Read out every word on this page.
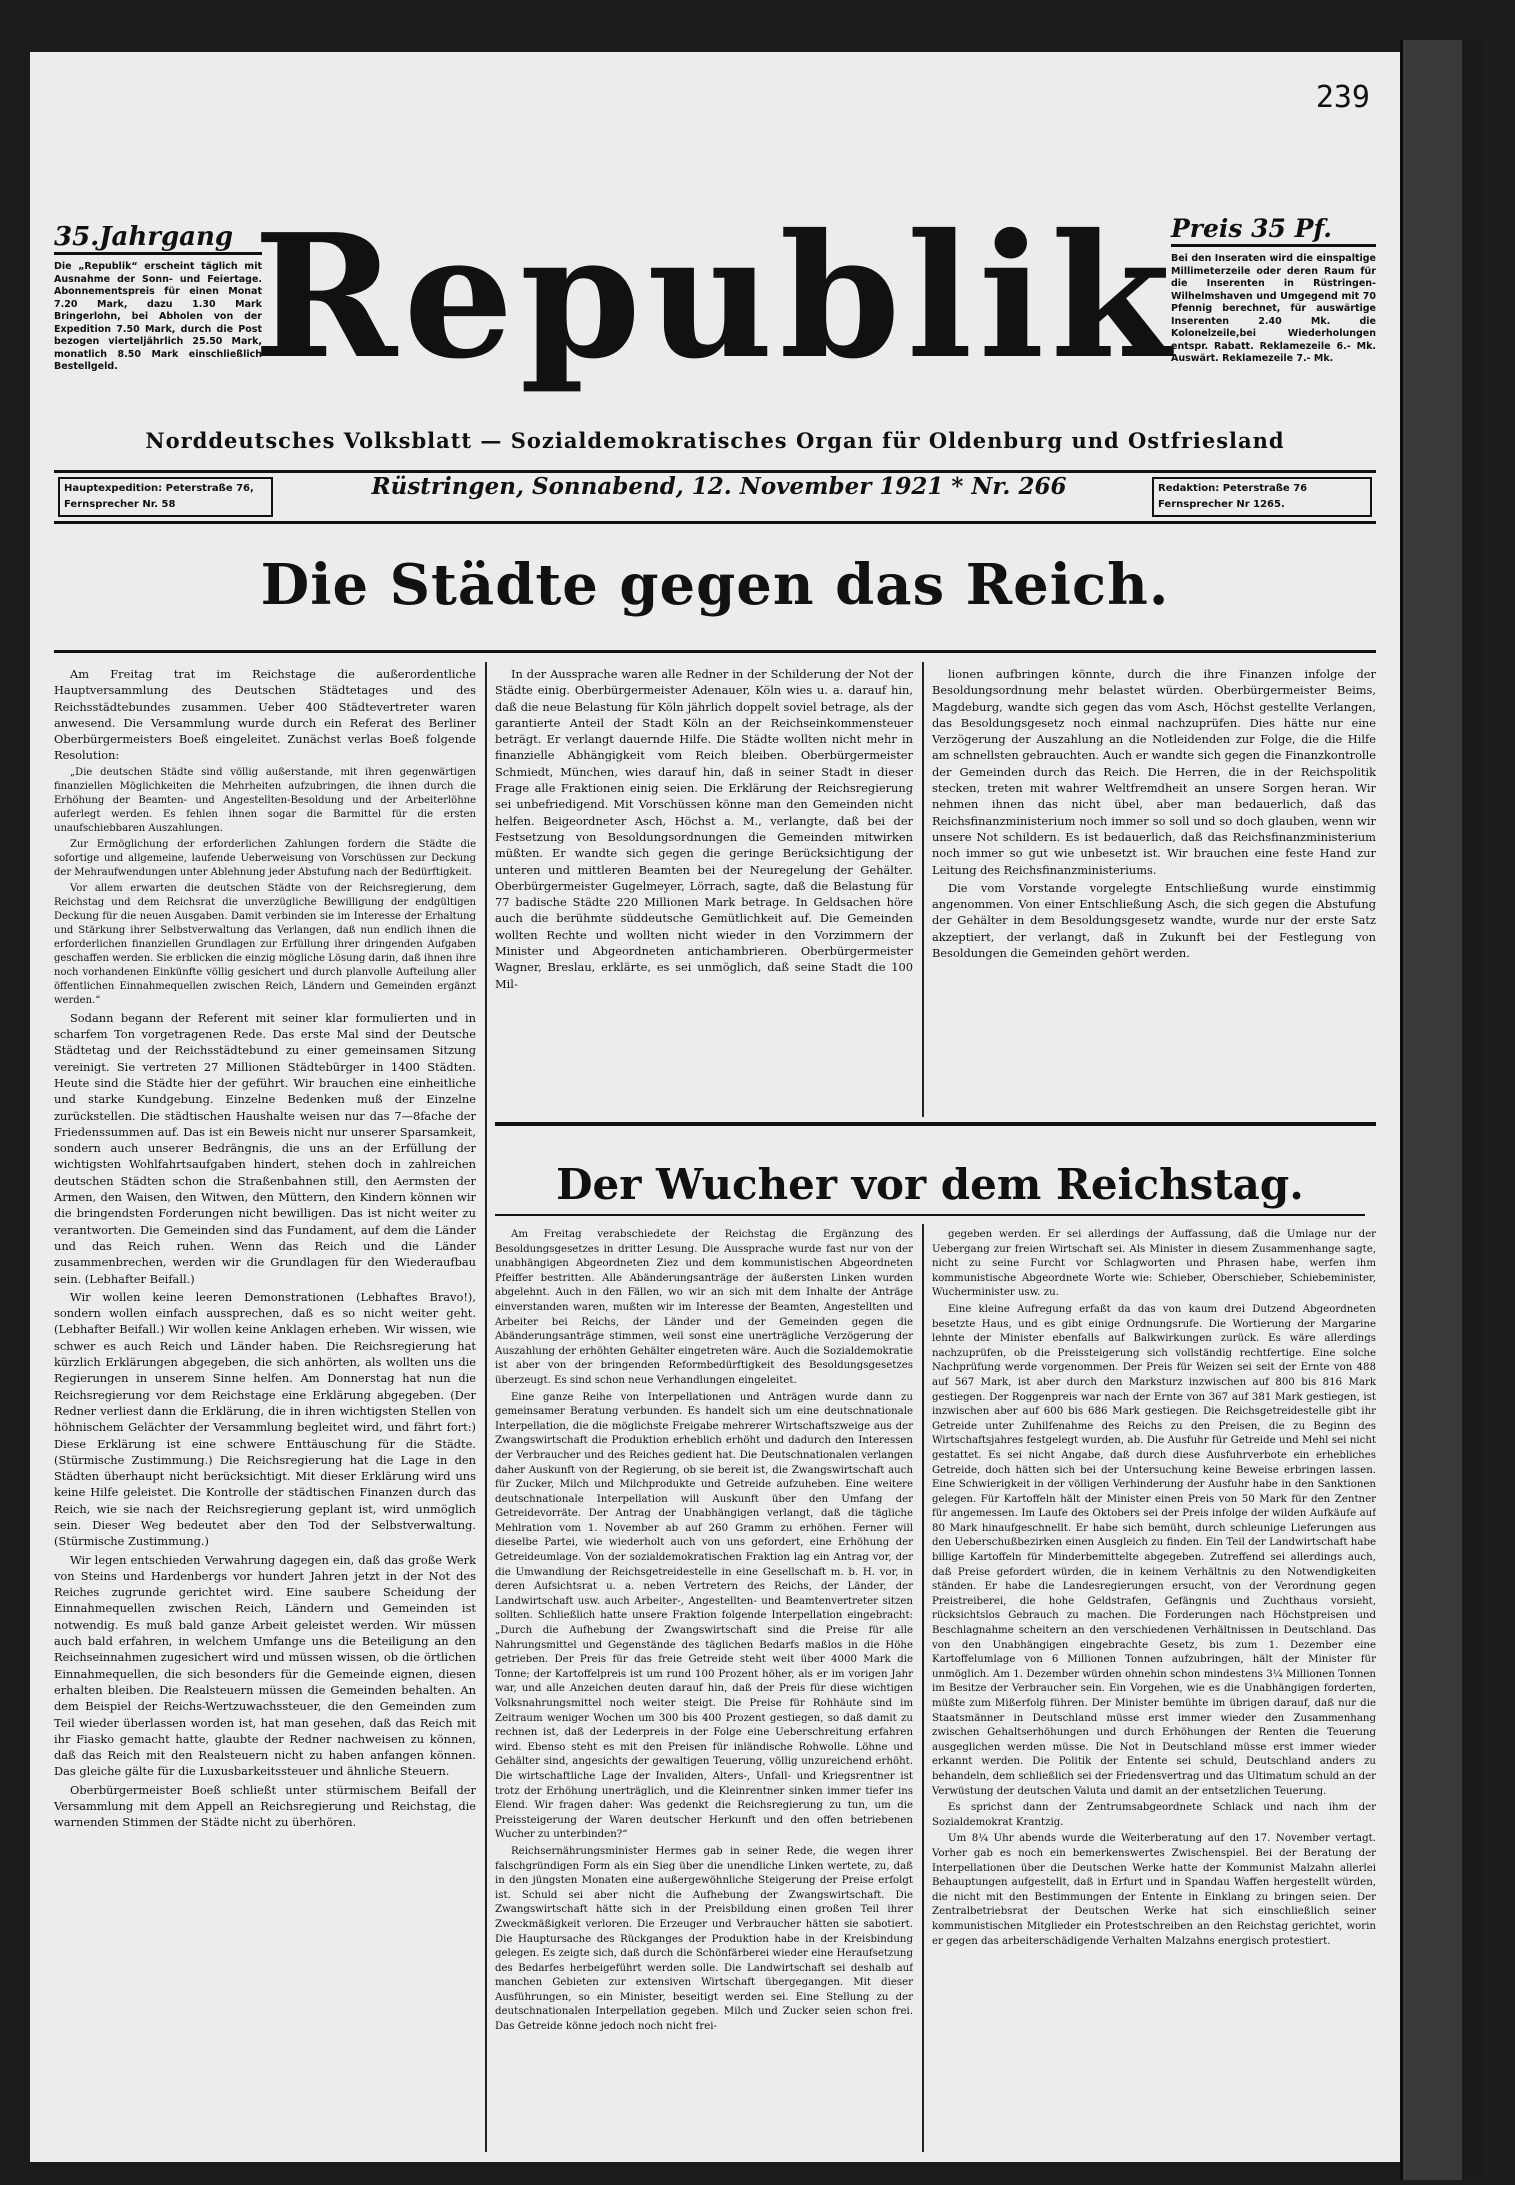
239
35.Jahrgang
Die „Republik“ erscheint täglich mit Ausnahme der Sonn- und Feiertage. Abonnementspreis für einen Monat 7.20 Mark, dazu 1.30 Mark Bringerlohn, bei Abholen von der Expedition 7.50 Mark, durch die Post bezogen vierteljährlich 25.50 Mark, monatlich 8.50 Mark einschließlich Bestellgeld. Republik
Preis 35 Pf.
Bei den Inseraten wird die einspaltige Millimeterzeile oder deren Raum für die Inserenten in Rüstringen-Wilhelmshaven und Umgegend mit 70 Pfennig berechnet, für auswärtige Inserenten 2.40 Mk. die Kolonelzeile,bei Wiederholungen entspr. Rabatt. Reklamezeile 6.- Mk. Auswärt. Reklamezeile 7.- Mk.
Norddeutsches Volksblatt — Sozialdemokratisches Organ für Oldenburg und Ostfriesland
Hauptexpedition: Peterstraße 76, Fernsprecher Nr. 58
Rüstringen, Sonnabend, 12. November 1921 * Nr. 266	Redaktion: Peterstraße 76 Fernsprecher Nr 1265.
Die Städte gegen das Reich.

Am Freitag trat im Reichstage die außerordentliche Hauptversammlung des Deutschen Städtetages und des Reichsstädtebundes zusammen. Ueber 400 Städtevertreter waren anwesend. Die Versammlung wurde durch ein Referat des Berliner Oberbürgermeisters Boeß eingeleitet. Zunächst verlas Boeß folgende Resolution:

„Die deutschen Städte sind völlig außerstande, mit ihren gegenwärtigen finanziellen Möglichkeiten die Mehrheiten aufzubringen, die ihnen durch die Erhöhung der Beamten- und Angestellten-Besoldung und der Arbeiterlöhne auferlegt werden. Es fehlen ihnen sogar die Barmittel für die ersten unaufschiebbaren Auszahlungen.

Zur Ermöglichung der erforderlichen Zahlungen fordern die Städte die sofortige und allgemeine, laufende Ueberweisung von Vorschüssen zur Deckung der Mehraufwendungen unter Ablehnung jeder Abstufung nach der Bedürftigkeit.

Vor allem erwarten die deutschen Städte von der Reichsregierung, dem Reichstag und dem Reichsrat die unverzügliche Bewilligung der endgültigen Deckung für die neuen Ausgaben. Damit verbinden sie im Interesse der Erhaltung und Stärkung ihrer Selbstverwaltung das Verlangen, daß nun endlich ihnen die erforderlichen finanziellen Grundlagen zur Erfüllung ihrer dringenden Aufgaben geschaffen werden. Sie erblicken die einzig mögliche Lösung darin, daß ihnen ihre noch vorhandenen Einkünfte völlig gesichert und durch planvolle Aufteilung aller öffentlichen Einnahmequellen zwischen Reich, Ländern und Gemeinden ergänzt werden.“

Sodann begann der Referent mit seiner klar formulierten und in scharfem Ton vorgetragenen Rede. Das erste Mal sind der Deutsche Städtetag und der Reichsstädtebund zu einer gemeinsamen Sitzung vereinigt. Sie vertreten 27 Millionen Städtebürger in 1400 Städten. Heute sind die Städte hier der geführt. Wir brauchen eine einheitliche und starke Kundgebung. Einzelne Bedenken muß der Einzelne zurückstellen. Die städtischen Haushalte weisen nur das 7—8fache der Friedenssummen auf. Das ist ein Beweis nicht nur unserer Sparsamkeit, sondern auch unserer Bedrängnis, die uns an der Erfüllung der wichtigsten Wohlfahrtsaufgaben hindert, stehen doch in zahlreichen deutschen Städten schon die Straßenbahnen still, den Aermsten der Armen, den Waisen, den Witwen, den Müttern, den Kindern können wir die bringendsten Forderungen nicht bewilligen. Das ist nicht weiter zu verantworten. Die Gemeinden sind das Fundament, auf dem die Länder und das Reich ruhen. Wenn das Reich und die Länder zusammenbrechen, werden wir die Grundlagen für den Wiederaufbau sein. (Lebhafter Beifall.)

Wir wollen keine leeren Demonstrationen (Lebhaftes Bravo!), sondern wollen einfach aussprechen, daß es so nicht weiter geht. (Lebhafter Beifall.) Wir wollen keine Anklagen erheben. Wir wissen, wie schwer es auch Reich und Länder haben. Die Reichsregierung hat kürzlich Erklärungen abgegeben, die sich anhörten, als wollten uns die Regierungen in unserem Sinne helfen. Am Donnerstag hat nun die Reichsregierung vor dem Reichstage eine Erklärung abgegeben. (Der Redner verliest dann die Erklärung, die in ihren wichtigsten Stellen von höhnischem Gelächter der Versammlung begleitet wird, und fährt fort:) Diese Erklärung ist eine schwere Enttäuschung für die Städte. (Stürmische Zustimmung.) Die Reichsregierung hat die Lage in den Städten überhaupt nicht berücksichtigt. Mit dieser Erklärung wird uns keine Hilfe geleistet. Die Kontrolle der städtischen Finanzen durch das Reich, wie sie nach der Reichsregierung geplant ist, wird unmöglich sein. Dieser Weg bedeutet aber den Tod der Selbstverwaltung. (Stürmische Zustimmung.)

Wir legen entschieden Verwahrung dagegen ein, daß das große Werk von Steins und Hardenbergs vor hundert Jahren jetzt in der Not des Reiches zugrunde gerichtet wird. Eine saubere Scheidung der Einnahmequellen zwischen Reich, Ländern und Gemeinden ist notwendig. Es muß bald ganze Arbeit geleistet werden. Wir müssen auch bald erfahren, in welchem Umfange uns die Beteiligung an den Reichseinnahmen zugesichert wird und müssen wissen, ob die örtlichen Einnahmequellen, die sich besonders für die Gemeinde eignen, diesen erhalten bleiben. Die Realsteuern müssen die Gemeinden behalten. An dem Beispiel der Reichs-Wertzuwachssteuer, die den Gemeinden zum Teil wieder überlassen worden ist, hat man gesehen, daß das Reich mit ihr Fiasko gemacht hatte, glaubte der Redner nachweisen zu können, daß das Reich mit den Realsteuern nicht zu haben anfangen können. Das gleiche gälte für die Luxusbarkeitssteuer und ähnliche Steuern.

Oberbürgermeister Boeß schließt unter stürmischem Beifall der Versammlung mit dem Appell an Reichsregierung und Reichstag, die warnenden Stimmen der Städte nicht zu überhören.

In der Aussprache waren alle Redner in der Schilderung der Not der Städte einig. Oberbürgermeister Adenauer, Köln wies u. a. darauf hin, daß die neue Belastung für Köln jährlich doppelt soviel betrage, als der garantierte Anteil der Stadt Köln an der Reichseinkommensteuer beträgt. Er verlangt dauernde Hilfe. Die Städte wollten nicht mehr in finanzielle Abhängigkeit vom Reich bleiben. Oberbürgermeister Schmiedt, München, wies darauf hin, daß in seiner Stadt in dieser Frage alle Fraktionen einig seien. Die Erklärung der Reichsregierung sei unbefriedigend. Mit Vorschüssen könne man den Gemeinden nicht helfen. Beigeordneter Asch, Höchst a. M., verlangte, daß bei der Festsetzung von Besoldungsordnungen die Gemeinden mitwirken müßten. Er wandte sich gegen die geringe Berücksichtigung der unteren und mittleren Beamten bei der Neuregelung der Gehälter. Oberbürgermeister Gugelmeyer, Lörrach, sagte, daß die Belastung für 77 badische Städte 220 Millionen Mark betrage. In Geldsachen höre auch die berühmte süddeutsche Gemütlichkeit auf. Die Gemeinden wollten Rechte und wollten nicht wieder in den Vorzimmern der Minister und Abgeordneten antichambrieren. Oberbürgermeister Wagner, Breslau, erklärte, es sei unmöglich, daß seine Stadt die 100 Mil-

lionen aufbringen könnte, durch die ihre Finanzen infolge der Besoldungsordnung mehr belastet würden. Oberbürgermeister Beims, Magdeburg, wandte sich gegen das vom Asch, Höchst gestellte Verlangen, das Besoldungsgesetz noch einmal nachzuprüfen. Dies hätte nur eine Verzögerung der Auszahlung an die Notleidenden zur Folge, die die Hilfe am schnellsten gebrauchten. Auch er wandte sich gegen die Finanzkontrolle der Gemeinden durch das Reich. Die Herren, die in der Reichspolitik stecken, treten mit wahrer Weltfremdheit an unsere Sorgen heran. Wir nehmen ihnen das nicht übel, aber man bedauerlich, daß das Reichsfinanzministerium noch immer so soll und so doch glauben, wenn wir unsere Not schildern. Es ist bedauerlich, daß das Reichsfinanzministerium noch immer so gut wie unbesetzt ist. Wir brauchen eine feste Hand zur Leitung des Reichsfinanzministeriums.

Die vom Vorstande vorgelegte Entschließung wurde einstimmig angenommen. Von einer Entschließung Asch, die sich gegen die Abstufung der Gehälter in dem Besoldungsgesetz wandte, wurde nur der erste Satz akzeptiert, der verlangt, daß in Zukunft bei der Festlegung von Besoldungen die Gemeinden gehört werden.

Der Wucher vor dem Reichstag.

Am Freitag verabschiedete der Reichstag die Ergänzung des Besoldungsgesetzes in dritter Lesung. Die Aussprache wurde fast nur von der unabhängigen Abgeordneten Ziez und dem kommunistischen Abgeordneten Pfeiffer bestritten. Alle Abänderungsanträge der äußersten Linken wurden abgelehnt. Auch in den Fällen, wo wir an sich mit dem Inhalte der Anträge einverstanden waren, mußten wir im Interesse der Beamten, Angestellten und Arbeiter bei Reichs, der Länder und der Gemeinden gegen die Abänderungsanträge stimmen, weil sonst eine unerträgliche Verzögerung der Auszahlung der erhöhten Gehälter eingetreten wäre. Auch die Sozialdemokratie ist aber von der bringenden Reformbedürftigkeit des Besoldungsgesetzes überzeugt. Es sind schon neue Verhandlungen eingeleitet.

Eine ganze Reihe von Interpellationen und Anträgen wurde dann zu gemeinsamer Beratung verbunden. Es handelt sich um eine deutschnationale Interpellation, die die möglichste Freigabe mehrerer Wirtschaftszweige aus der Zwangswirtschaft die Produktion erheblich erhöht und dadurch den Interessen der Verbraucher und des Reiches gedient hat. Die Deutschnationalen verlangen daher Auskunft von der Regierung, ob sie bereit ist, die Zwangswirtschaft auch für Zucker, Milch und Milchprodukte und Getreide aufzuheben. Eine weitere deutschnationale Interpellation will Auskunft über den Umfang der Getreidevorräte. Der Antrag der Unabhängigen verlangt, daß die tägliche Mehlration vom 1. November ab auf 260 Gramm zu erhöhen. Ferner will dieselbe Partei, wie wiederholt auch von uns gefordert, eine Erhöhung der Getreideumlage. Von der sozialdemokratischen Fraktion lag ein Antrag vor, der die Umwandlung der Reichsgetreidestelle in eine Gesellschaft m. b. H. vor, in deren Aufsichtsrat u. a. neben Vertretern des Reichs, der Länder, der Landwirtschaft usw. auch Arbeiter-, Angestellten- und Beamtenvertreter sitzen sollten. Schließlich hatte unsere Fraktion folgende Interpellation eingebracht: „Durch die Aufhebung der Zwangswirtschaft sind die Preise für alle Nahrungsmittel und Gegenstände des täglichen Bedarfs maßlos in die Höhe getrieben. Der Preis für das freie Getreide steht weit über 4000 Mark die Tonne; der Kartoffelpreis ist um rund 100 Prozent höher, als er im vorigen Jahr war, und alle Anzeichen deuten darauf hin, daß der Preis für diese wichtigen Volksnahrungsmittel noch weiter steigt. Die Preise für Rohhäute sind im Zeitraum weniger Wochen um 300 bis 400 Prozent gestiegen, so daß damit zu rechnen ist, daß der Lederpreis in der Folge eine Ueberschreitung erfahren wird. Ebenso steht es mit den Preisen für inländische Rohwolle. Löhne und Gehälter sind, angesichts der gewaltigen Teuerung, völlig unzureichend erhöht. Die wirtschaftliche Lage der Invaliden, Alters-, Unfall- und Kriegsrentner ist trotz der Erhöhung unerträglich, und die Kleinrentner sinken immer tiefer ins Elend. Wir fragen daher: Was gedenkt die Reichsregierung zu tun, um die Preissteigerung der Waren deutscher Herkunft und den offen betriebenen Wucher zu unterbinden?“

Reichsernährungsminister Hermes gab in seiner Rede, die wegen ihrer falschgründigen Form als ein Sieg über die unendliche Linken wertete, zu, daß in den jüngsten Monaten eine außergewöhnliche Steigerung der Preise erfolgt ist. Schuld sei aber nicht die Aufhebung der Zwangswirtschaft. Die Zwangswirtschaft hätte sich in der Preisbildung einen großen Teil ihrer Zweckmäßigkeit verloren. Die Erzeuger und Verbraucher hätten sie sabotiert. Die Hauptursache des Rückganges der Produktion habe in der Kreisbindung gelegen. Es zeigte sich, daß durch die Schönfärberei wieder eine Heraufsetzung des Bedarfes herbeigeführt werden solle. Die Landwirtschaft sei deshalb auf manchen Gebieten zur extensiven Wirtschaft übergegangen. Mit dieser Ausführungen, so ein Minister, beseitigt werden sei. Eine Stellung zu der deutschnationalen Interpellation gegeben. Milch und Zucker seien schon frei. Das Getreide könne jedoch noch nicht frei-

gegeben werden. Er sei allerdings der Auffassung, daß die Umlage nur der Uebergang zur freien Wirtschaft sei. Als Minister in diesem Zusammenhange sagte, nicht zu seine Furcht vor Schlagworten und Phrasen habe, werfen ihm kommunistische Abgeordnete Worte wie: Schieber, Oberschieber, Schiebeminister, Wucherminister usw. zu.

Eine kleine Aufregung erfaßt da das von kaum drei Dutzend Abgeordneten besetzte Haus, und es gibt einige Ordnungsrufe. Die Wortierung der Margarine lehnte der Minister ebenfalls auf Balkwirkungen zurück. Es wäre allerdings nachzuprüfen, ob die Preissteigerung sich vollständig rechtfertige. Eine solche Nachprüfung werde vorgenommen. Der Preis für Weizen sei seit der Ernte von 488 auf 567 Mark, ist aber durch den Marksturz inzwischen auf 800 bis 816 Mark gestiegen. Der Roggenpreis war nach der Ernte von 367 auf 381 Mark gestiegen, ist inzwischen aber auf 600 bis 686 Mark gestiegen. Die Reichsgetreidestelle gibt ihr Getreide unter Zuhilfenahme des Reichs zu den Preisen, die zu Beginn des Wirtschaftsjahres festgelegt wurden, ab. Die Ausfuhr für Getreide und Mehl sei nicht gestattet. Es sei nicht Angabe, daß durch diese Ausfuhrverbote ein erhebliches Getreide, doch hätten sich bei der Untersuchung keine Beweise erbringen lassen. Eine Schwierigkeit in der völligen Verhinderung der Ausfuhr habe in den Sanktionen gelegen. Für Kartoffeln hält der Minister einen Preis von 50 Mark für den Zentner für angemessen. Im Laufe des Oktobers sei der Preis infolge der wilden Aufkäufe auf 80 Mark hinaufgeschnellt. Er habe sich bemüht, durch schleunige Lieferungen aus den Ueberschußbezirken einen Ausgleich zu finden. Ein Teil der Landwirtschaft habe billige Kartoffeln für Minderbemittelte abgegeben. Zutreffend sei allerdings auch, daß Preise gefordert würden, die in keinem Verhältnis zu den Notwendigkeiten ständen. Er habe die Landesregierungen ersucht, von der Verordnung gegen Preistreiberei, die hohe Geldstrafen, Gefängnis und Zuchthaus vorsieht, rücksichtslos Gebrauch zu machen. Die Forderungen nach Höchstpreisen und Beschlagnahme scheitern an den verschiedenen Verhältnissen in Deutschland. Das von den Unabhängigen eingebrachte Gesetz, bis zum 1. Dezember eine Kartoffelumlage von 6 Millionen Tonnen aufzubringen, hält der Minister für unmöglich. Am 1. Dezember würden ohnehin schon mindestens 3¼ Millionen Tonnen im Besitze der Verbraucher sein. Ein Vorgehen, wie es die Unabhängigen forderten, müßte zum Mißerfolg führen. Der Minister bemühte im übrigen darauf, daß nur die Staatsmänner in Deutschland müsse erst immer wieder den Zusammenhang zwischen Gehaltserhöhungen und durch Erhöhungen der Renten die Teuerung ausgeglichen werden müsse. Die Not in Deutschland müsse erst immer wieder erkannt werden. Die Politik der Entente sei schuld, Deutschland anders zu behandeln, dem schließlich sei der Friedensvertrag und das Ultimatum schuld an der Verwüstung der deutschen Valuta und damit an der entsetzlichen Teuerung.

Es sprichst dann der Zentrumsabgeordnete Schlack und nach ihm der Sozialdemokrat Krantzig.

Um 8¼ Uhr abends wurde die Weiterberatung auf den 17. November vertagt. Vorher gab es noch ein bemerkenswertes Zwischenspiel. Bei der Beratung der Interpellationen über die Deutschen Werke hatte der Kommunist Malzahn allerlei Behauptungen aufgestellt, daß in Erfurt und in Spandau Waffen hergestellt würden, die nicht mit den Bestimmungen der Entente in Einklang zu bringen seien. Der Zentralbetriebsrat der Deutschen Werke hat sich einschließlich seiner kommunistischen Mitglieder ein Protestschreiben an den Reichstag gerichtet, worin er gegen das arbeiterschädigende Verhalten Malzahns energisch protestiert.
